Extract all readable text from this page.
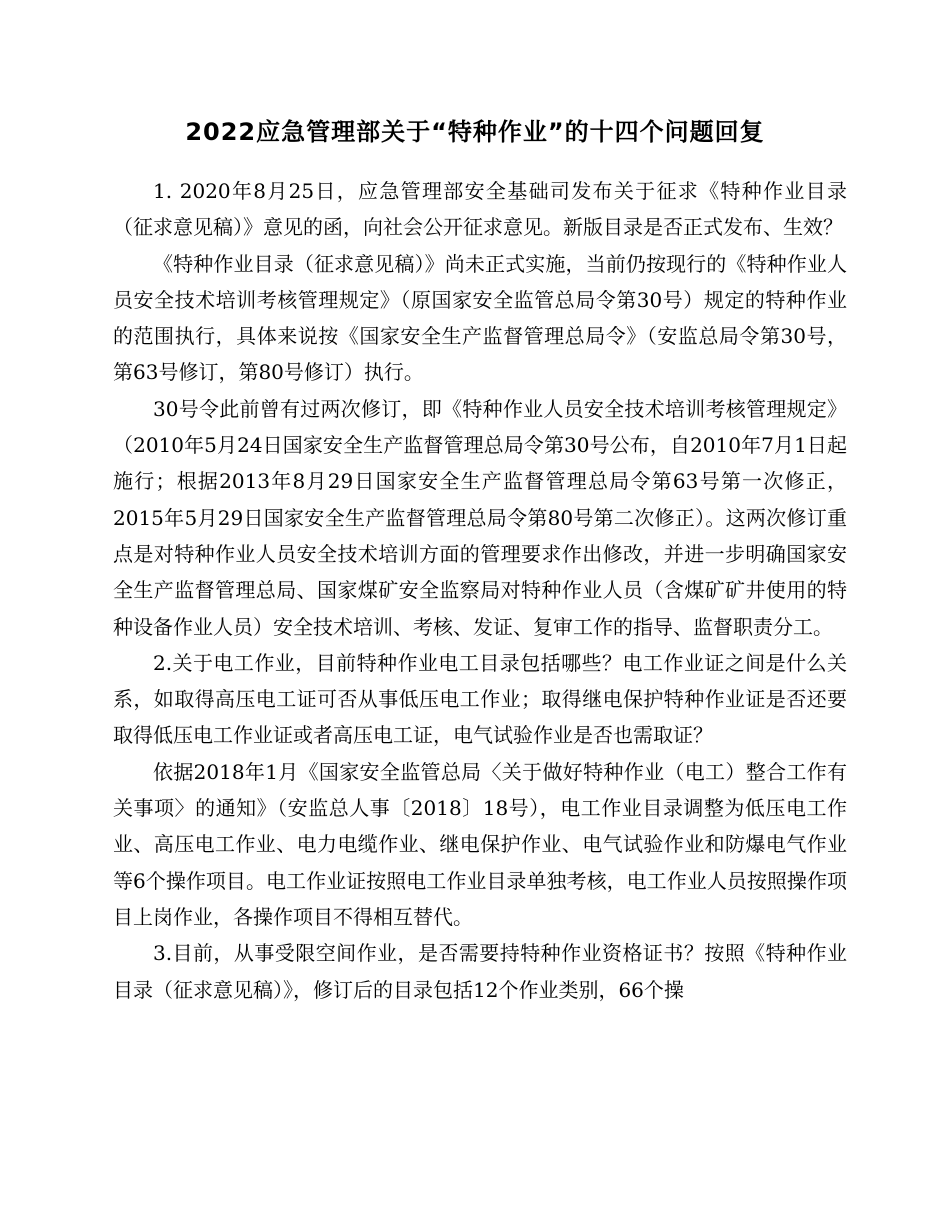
2022应急管理部关于“特种作业”的十四个问题回复

1. 2020年8月25日，应急管理部安全基础司发布关于征求《特种作业目录（征求意见稿）》意见的函，向社会公开征求意见。新版目录是否正式发布、生效？

《特种作业目录（征求意见稿）》尚未正式实施，当前仍按现行的《特种作业人员安全技术培训考核管理规定》（原国家安全监管总局令第30号）规定的特种作业的范围执行，具体来说按《国家安全生产监督管理总局令》（安监总局令第30号，第63号修订，第80号修订）执行。

30号令此前曾有过两次修订，即《特种作业人员安全技术培训考核管理规定》（2010年5月24日国家安全生产监督管理总局令第30号公布，自2010年7月1日起施行；根据2013年8月29日国家安全生产监督管理总局令第63号第一次修正，2015年5月29日国家安全生产监督管理总局令第80号第二次修正）。这两次修订重点是对特种作业人员安全技术培训方面的管理要求作出修改，并进一步明确国家安全生产监督管理总局、国家煤矿安全监察局对特种作业人员（含煤矿矿井使用的特种设备作业人员）安全技术培训、考核、发证、复审工作的指导、监督职责分工。

2.关于电工作业，目前特种作业电工目录包括哪些？电工作业证之间是什么关系，如取得高压电工证可否从事低压电工作业；取得继电保护特种作业证是否还要取得低压电工作业证或者高压电工证，电气试验作业是否也需取证？

依据2018年1月《国家安全监管总局〈关于做好特种作业（电工）整合工作有关事项〉的通知》（安监总人事〔2018〕18号），电工作业目录调整为低压电工作业、高压电工作业、电力电缆作业、继电保护作业、电气试验作业和防爆电气作业等6个操作项目。电工作业证按照电工作业目录单独考核，电工作业人员按照操作项目上岗作业，各操作项目不得相互替代。

3.目前，从事受限空间作业，是否需要持特种作业资格证书？按照《特种作业目录（征求意见稿）》，修订后的目录包括12个作业类别，66个操
